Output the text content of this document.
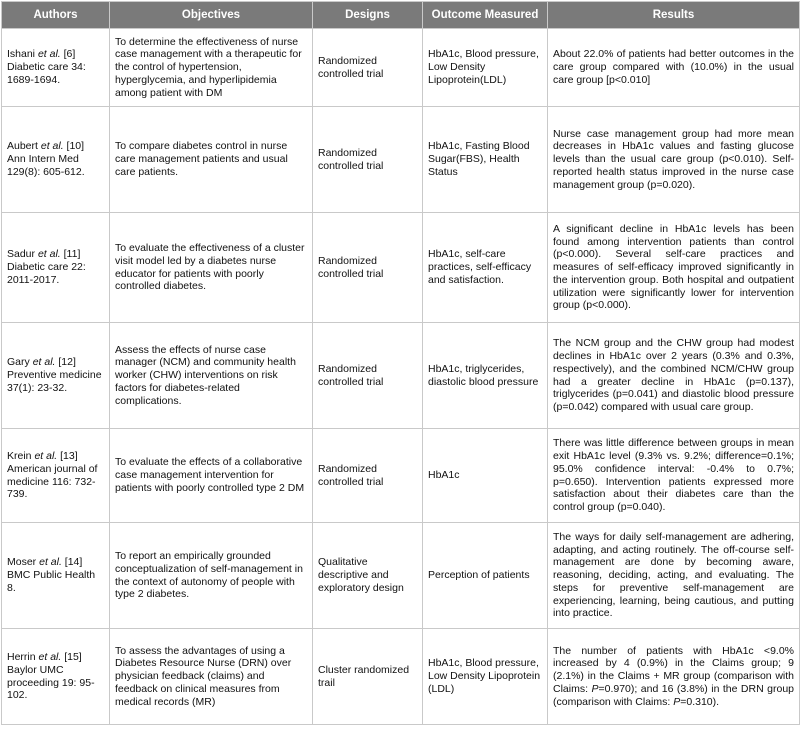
Authors	Objectives	Designs	Outcome Measured	Results
Ishani et al. [6] Diabetic care 34: 1689-1694.	To determine the effectiveness of nurse case management with a therapeutic for the control of hypertension, hyperglycemia, and hyperlipidemia among patient with DM	Randomized controlled trial	HbA1c, Blood pressure, Low Density Lipoprotein(LDL)	About 22.0% of patients had better outcomes in the care group compared with (10.0%) in the usual care group [p<0.010]
Aubert et al. [10] Ann Intern Med 129(8): 605-612.	To compare diabetes control in nurse care management patients and usual care patients.	Randomized controlled trial	HbA1c, Fasting Blood Sugar(FBS), Health Status	Nurse case management group had more mean decreases in HbA1c values and fasting glucose levels than the usual care group (p<0.010). Self-reported health status improved in the nurse case management group (p=0.020).
Sadur et al. [11] Diabetic care 22: 2011-2017.	To evaluate the effectiveness of a cluster visit model led by a diabetes nurse educator for patients with poorly controlled diabetes.	Randomized controlled trial	HbA1c, self-care practices, self-efficacy and satisfaction.	A significant decline in HbA1c levels has been found among intervention patients than control (p<0.000). Several self-care practices and measures of self-efficacy improved significantly in the intervention group. Both hospital and outpatient utilization were significantly lower for intervention group (p<0.000).
Gary et al. [12] Preventive medicine 37(1): 23-32.	Assess the effects of nurse case manager (NCM) and community health worker (CHW) interventions on risk factors for diabetes-related complications.	Randomized controlled trial	HbA1c, triglycerides, diastolic blood pressure	The NCM group and the CHW group had modest declines in HbA1c over 2 years (0.3% and 0.3%, respectively), and the combined NCM/CHW group had a greater decline in HbA1c (p=0.137), triglycerides (p=0.041) and diastolic blood pressure (p=0.042) compared with usual care group.
Krein et al. [13] American journal of medicine 116: 732-739.	To evaluate the effects of a collaborative case management intervention for patients with poorly controlled type 2 DM	Randomized controlled trial	HbA1c	There was little difference between groups in mean exit HbA1c level (9.3% vs. 9.2%; difference=0.1%; 95.0% confidence interval: -0.4% to 0.7%; p=0.650). Intervention patients expressed more satisfaction about their diabetes care than the control group (p=0.040).
Moser et al. [14] BMC Public Health 8.	To report an empirically grounded conceptualization of self-management in the context of autonomy of people with type 2 diabetes.	Qualitative descriptive and exploratory design	Perception of patients	The ways for daily self-management are adhering, adapting, and acting routinely. The off-course self-management are done by becoming aware, reasoning, deciding, acting, and evaluating. The steps for preventive self-management are experiencing, learning, being cautious, and putting into practice.
Herrin et al. [15] Baylor UMC proceeding 19: 95-102.	To assess the advantages of using a Diabetes Resource Nurse (DRN) over physician feedback (claims) and feedback on clinical measures from medical records (MR)	Cluster randomized trail	HbA1c, Blood pressure, Low Density Lipoprotein (LDL)	The number of patients with HbA1c <9.0% increased by 4 (0.9%) in the Claims group; 9 (2.1%) in the Claims + MR group (comparison with Claims: P=0.970); and 16 (3.8%) in the DRN group (comparison with Claims: P=0.310).
